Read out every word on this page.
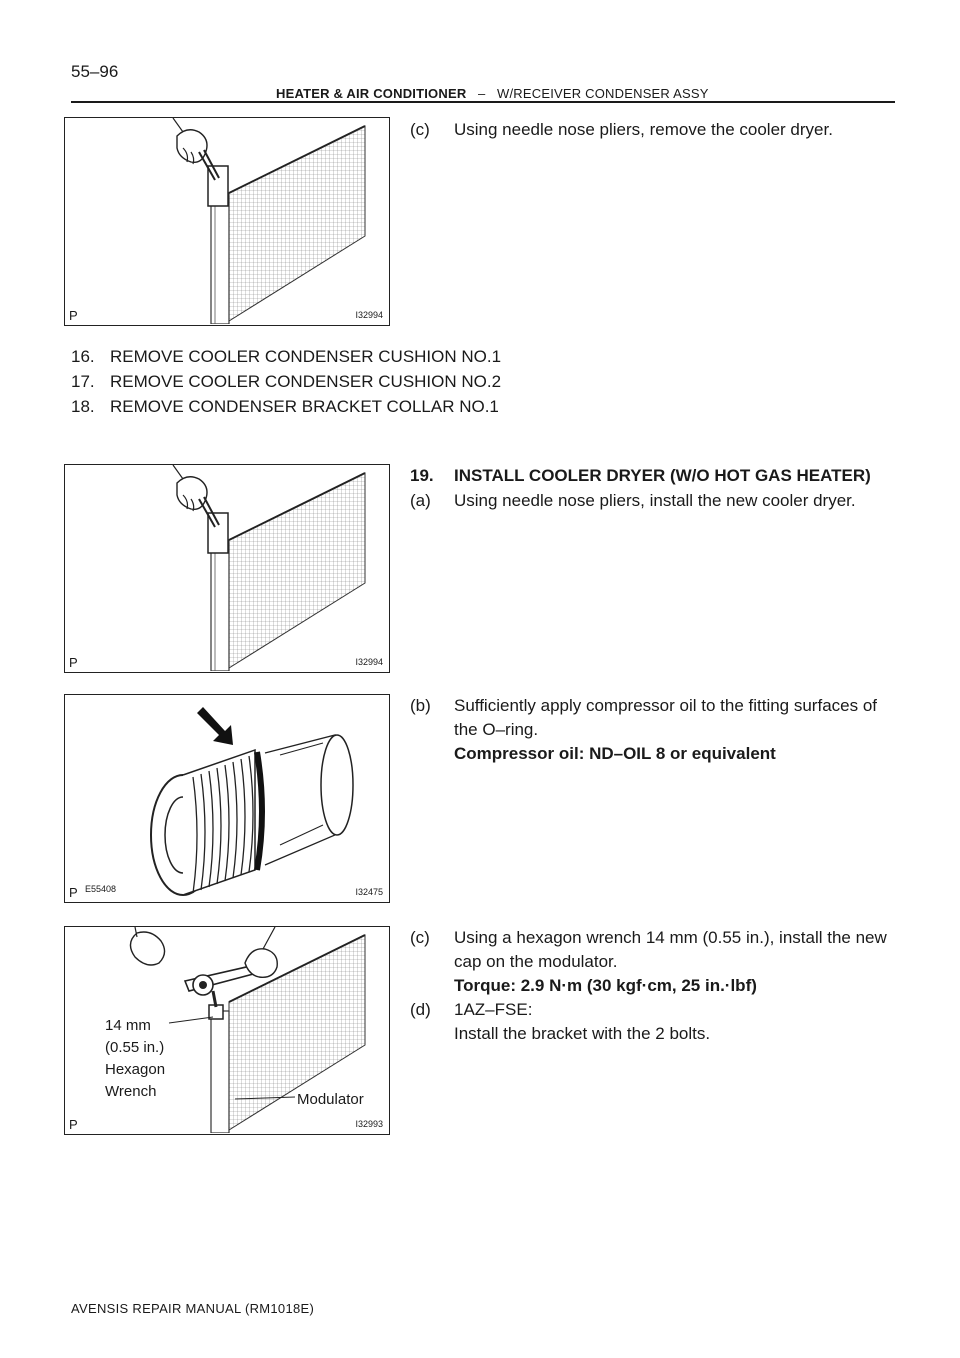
55–96
HEATER & AIR CONDITIONER – W/RECEIVER CONDENSER ASSY
P	I32994
(c) Using needle nose pliers, remove the cooler dryer.
16. REMOVE COOLER CONDENSER CUSHION NO.1
17. REMOVE COOLER CONDENSER CUSHION NO.2
18. REMOVE CONDENSER BRACKET COLLAR NO.1
P	I32994
19. INSTALL COOLER DRYER (W/O HOT GAS HEATER)
(a) Using needle nose pliers, install the new cooler dryer.
P E55408	I32475
(b) Sufficiently apply compressor oil to the fitting surfaces of
the O–ring.
Compressor oil: ND–OIL 8 or equivalent
14 mm
(0.55 in.)
Hexagon
Wrench	Modulator
P	I32993
(c) Using a hexagon wrench 14 mm (0.55 in.), install the new
cap on the modulator.
Torque: 2.9 N·m (30 kgf·cm, 25 in.·lbf)
(d) 1AZ–FSE:
Install the bracket with the 2 bolts.
AVENSIS REPAIR MANUAL (RM1018E)
